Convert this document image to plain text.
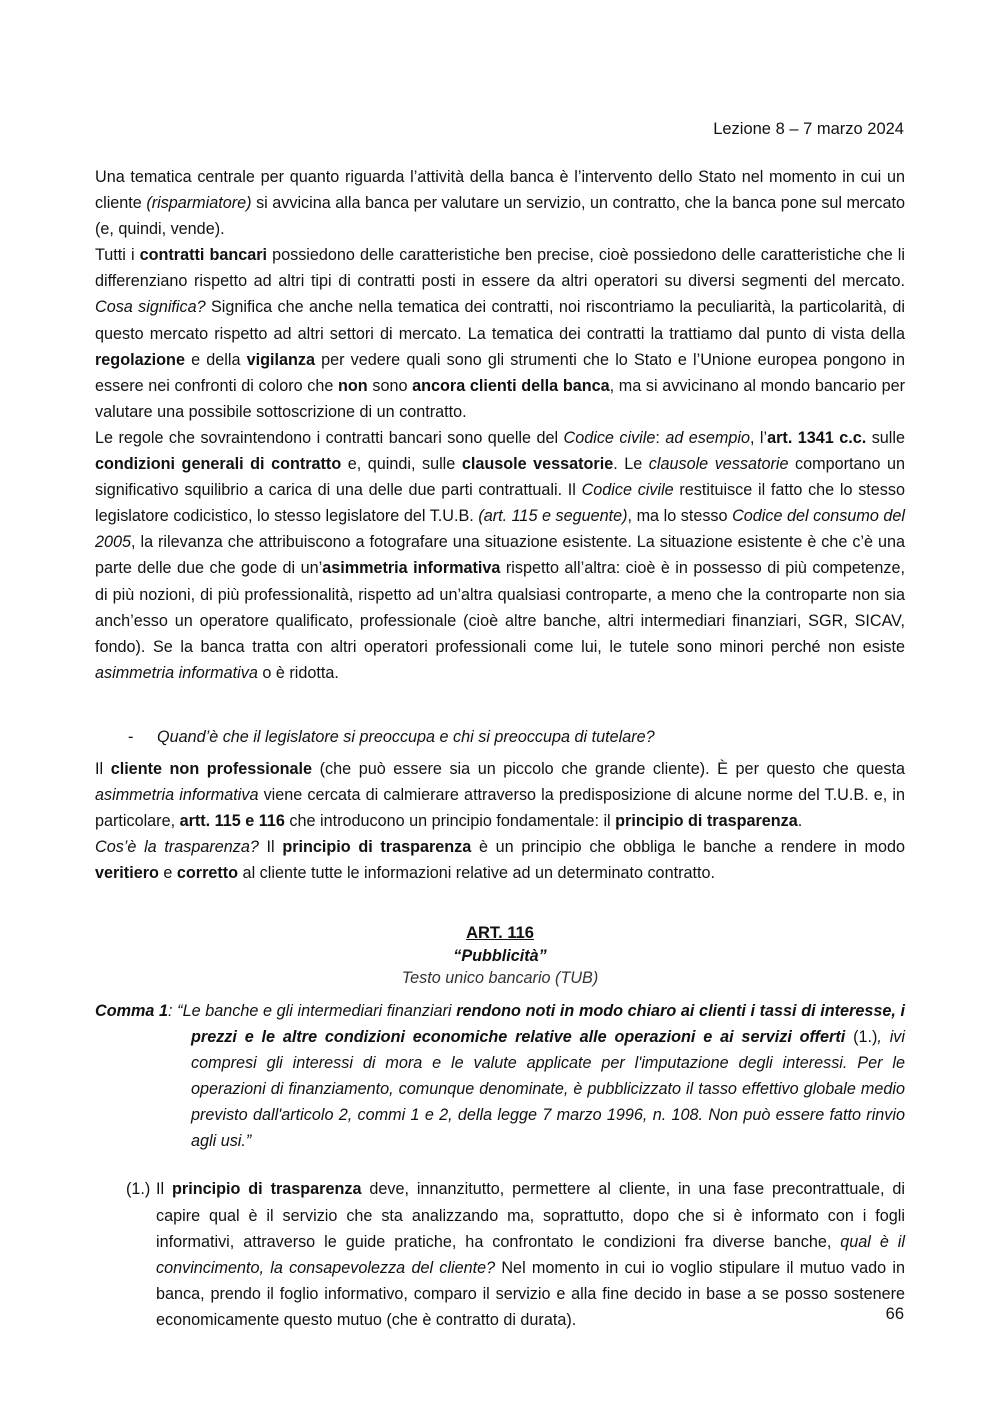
Lezione 8 – 7 marzo 2024

Una tematica centrale per quanto riguarda l’attività della banca è l’intervento dello Stato nel momento in cui un cliente (risparmiatore) si avvicina alla banca per valutare un servizio, un contratto, che la banca pone sul mercato (e, quindi, vende).

Tutti i contratti bancari possiedono delle caratteristiche ben precise, cioè possiedono delle caratteristiche che li differenziano rispetto ad altri tipi di contratti posti in essere da altri operatori su diversi segmenti del mercato. Cosa significa? Significa che anche nella tematica dei contratti, noi riscontriamo la peculiarità, la particolarità, di questo mercato rispetto ad altri settori di mercato. La tematica dei contratti la trattiamo dal punto di vista della regolazione e della vigilanza per vedere quali sono gli strumenti che lo Stato e l’Unione europea pongono in essere nei confronti di coloro che non sono ancora clienti della banca, ma si avvicinano al mondo bancario per valutare una possibile sottoscrizione di un contratto.

Le regole che sovraintendono i contratti bancari sono quelle del Codice civile: ad esempio, l’art. 1341 c.c. sulle condizioni generali di contratto e, quindi, sulle clausole vessatorie. Le clausole vessatorie comportano un significativo squilibrio a carica di una delle due parti contrattuali. Il Codice civile restituisce il fatto che lo stesso legislatore codicistico, lo stesso legislatore del T.U.B. (art. 115 e seguente), ma lo stesso Codice del consumo del 2005, la rilevanza che attribuiscono a fotografare una situazione esistente. La situazione esistente è che c’è una parte delle due che gode di un’asimmetria informativa rispetto all’altra: cioè è in possesso di più competenze, di più nozioni, di più professionalità, rispetto ad un’altra qualsiasi controparte, a meno che la controparte non sia anch’esso un operatore qualificato, professionale (cioè altre banche, altri intermediari finanziari, SGR, SICAV, fondo). Se la banca tratta con altri operatori professionali come lui, le tutele sono minori perché non esiste asimmetria informativa o è ridotta.

- Quand’è che il legislatore si preoccupa e chi si preoccupa di tutelare?

Il cliente non professionale (che può essere sia un piccolo che grande cliente). È per questo che questa asimmetria informativa viene cercata di calmierare attraverso la predisposizione di alcune norme del T.U.B. e, in particolare, artt. 115 e 116 che introducono un principio fondamentale: il principio di trasparenza.

Cos’è la trasparenza? Il principio di trasparenza è un principio che obbliga le banche a rendere in modo veritiero e corretto al cliente tutte le informazioni relative ad un determinato contratto.

ART. 116
“Pubblicità”
Testo unico bancario (TUB)
Comma 1: “Le banche e gli intermediari finanziari rendono noti in modo chiaro ai clienti i tassi di interesse, i prezzi e le altre condizioni economiche relative alle operazioni e ai servizi offerti (1.), ivi compresi gli interessi di mora e le valute applicate per l'imputazione degli interessi. Per le operazioni di finanziamento, comunque denominate, è pubblicizzato il tasso effettivo globale medio previsto dall'articolo 2, commi 1 e 2, della legge 7 marzo 1996, n. 108. Non può essere fatto rinvio agli usi.”
(1.) Il principio di trasparenza deve, innanzitutto, permettere al cliente, in una fase precontrattuale, di capire qual è il servizio che sta analizzando ma, soprattutto, dopo che si è informato con i fogli informativi, attraverso le guide pratiche, ha confrontato le condizioni fra diverse banche, qual è il convincimento, la consapevolezza del cliente? Nel momento in cui io voglio stipulare il mutuo vado in banca, prendo il foglio informativo, comparo il servizio e alla fine decido in base a se posso sostenere economicamente questo mutuo (che è contratto di durata).	66
